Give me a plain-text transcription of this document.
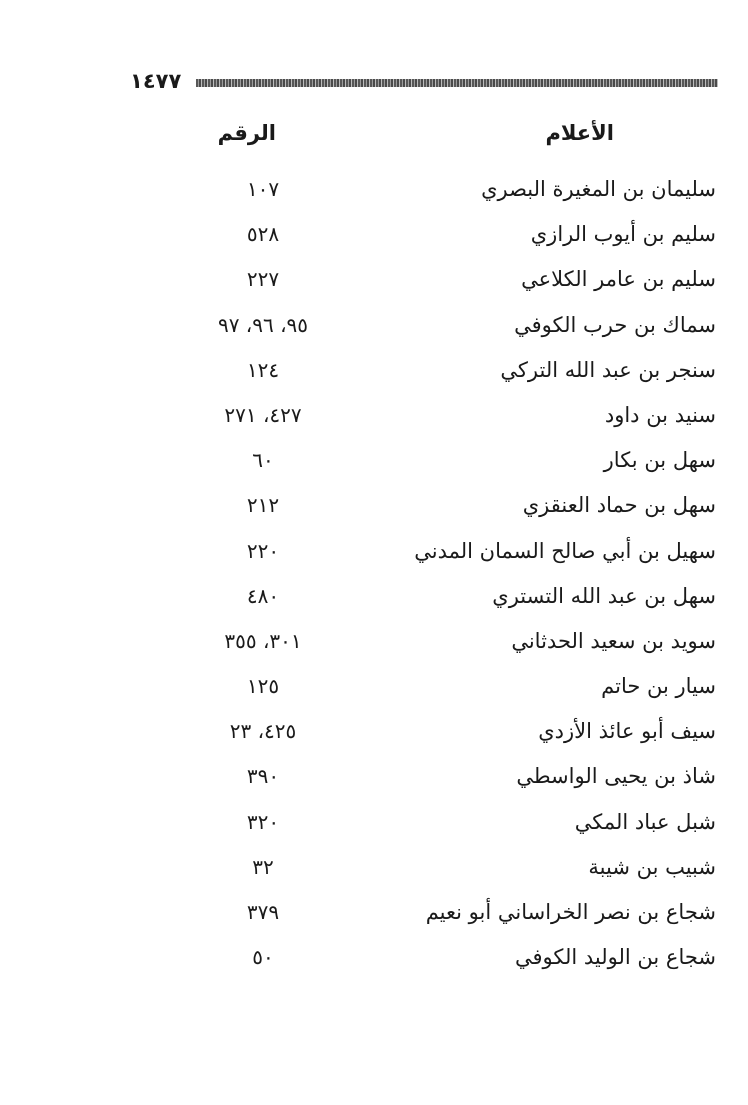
١٤٧٧
الأعلام
الرقم
سليمان بن المغيرة البصري
١٠٧
سليم بن أيوب الرازي
٥٢٨
سليم بن عامر الكلاعي
٢٢٧
سماك بن حرب الكوفي
٩٥، ٩٦، ٩٧
سنجر بن عبد الله التركي
١٢٤
سنيد بن داود
٤٢٧، ٢٧١
سهل بن بكار
٦٠
سهل بن حماد العنقزي
٢١٢
سهيل بن أبي صالح السمان المدني
٢٢٠
سهل بن عبد الله التستري
٤٨٠
سويد بن سعيد الحدثاني
٣٠١، ٣٥٥
سيار بن حاتم
١٢٥
سيف أبو عائذ الأزدي
٤٢٥، ٢٣
شاذ بن يحيى الواسطي
٣٩٠
شبل عباد المكي
٣٢٠
شبيب بن شيبة
٣٢
شجاع بن نصر الخراساني أبو نعيم
٣٧٩
شجاع بن الوليد الكوفي
٥٠
